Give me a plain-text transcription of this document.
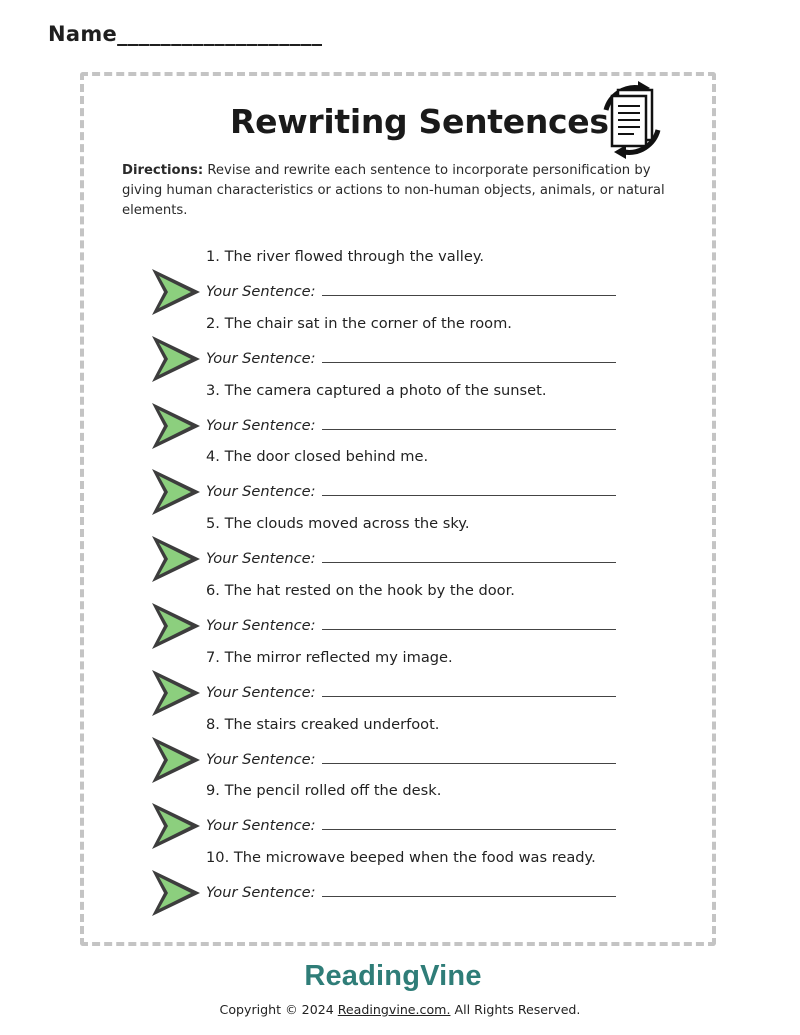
Name___________________
Rewriting Sentences
Directions: Revise and rewrite each sentence to incorporate personification by giving human characteristics or actions to non-human objects, animals, or natural elements.
1. The river flowed through the valley.
Your Sentence:
2. The chair sat in the corner of the room.
Your Sentence:
3. The camera captured a photo of the sunset.
Your Sentence:
4. The door closed behind me.
Your Sentence:
5. The clouds moved across the sky.
Your Sentence:
6. The hat rested on the hook by the door.
Your Sentence:
7. The mirror reflected my image.
Your Sentence:
8. The stairs creaked underfoot.
Your Sentence:
9. The pencil rolled off the desk.
Your Sentence:
10. The microwave beeped when the food was ready.
Your Sentence:
ReadingVine
Copyright © 2024 Readingvine.com. All Rights Reserved.
